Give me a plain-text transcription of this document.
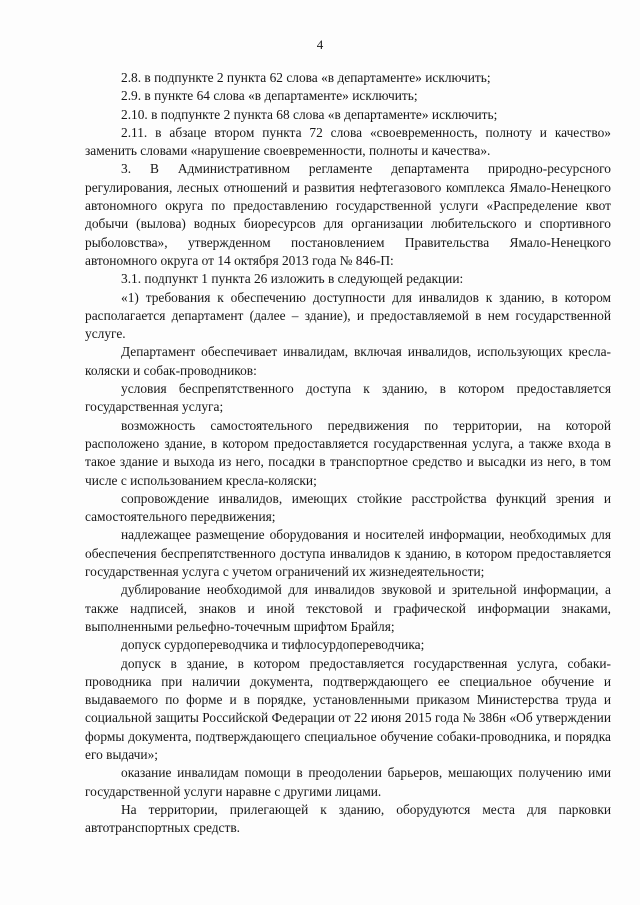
4

2.8. в подпункте 2 пункта 62 слова «в департаменте» исключить;

2.9. в пункте 64 слова «в департаменте» исключить;

2.10. в подпункте 2 пункта 68 слова «в департаменте» исключить;

2.11. в абзаце втором пункта 72 слова «своевременность, полноту и качество» заменить словами «нарушение своевременности, полноты и качества».

3. В Административном регламенте департамента природно-ресурсного регулирования, лесных отношений и развития нефтегазового комплекса Ямало-Ненецкого автономного округа по предоставлению государственной услуги «Распределение квот добычи (вылова) водных биоресурсов для организации любительского и спортивного рыболовства», утвержденном постановлением Правительства Ямало-Ненецкого автономного округа от 14 октября 2013 года № 846-П:

3.1. подпункт 1 пункта 26 изложить в следующей редакции:

«1) требования к обеспечению доступности для инвалидов к зданию, в котором располагается департамент (далее – здание), и предоставляемой в нем государственной услуге.

Департамент обеспечивает инвалидам, включая инвалидов, использующих кресла-коляски и собак-проводников:

условия беспрепятственного доступа к зданию, в котором предоставляется государственная услуга;

возможность самостоятельного передвижения по территории, на которой расположено здание, в котором предоставляется государственная услуга, а также входа в такое здание и выхода из него, посадки в транспортное средство и высадки из него, в том числе с использованием кресла-коляски;

сопровождение инвалидов, имеющих стойкие расстройства функций зрения и самостоятельного передвижения;

надлежащее размещение оборудования и носителей информации, необходимых для обеспечения беспрепятственного доступа инвалидов к зданию, в котором предоставляется государственная услуга с учетом ограничений их жизнедеятельности;

дублирование необходимой для инвалидов звуковой и зрительной информации, а также надписей, знаков и иной текстовой и графической информации знаками, выполненными рельефно-точечным шрифтом Брайля;

допуск сурдопереводчика и тифлосурдопереводчика;

допуск в здание, в котором предоставляется государственная услуга, собаки-проводника при наличии документа, подтверждающего ее специальное обучение и выдаваемого по форме и в порядке, установленными приказом Министерства труда и социальной защиты Российской Федерации от 22 июня 2015 года № 386н «Об утверждении формы документа, подтверждающего специальное обучение собаки-проводника, и порядка его выдачи»;

оказание инвалидам помощи в преодолении барьеров, мешающих получению ими государственной услуги наравне с другими лицами.

На территории, прилегающей к зданию, оборудуются места для парковки автотранспортных средств.
